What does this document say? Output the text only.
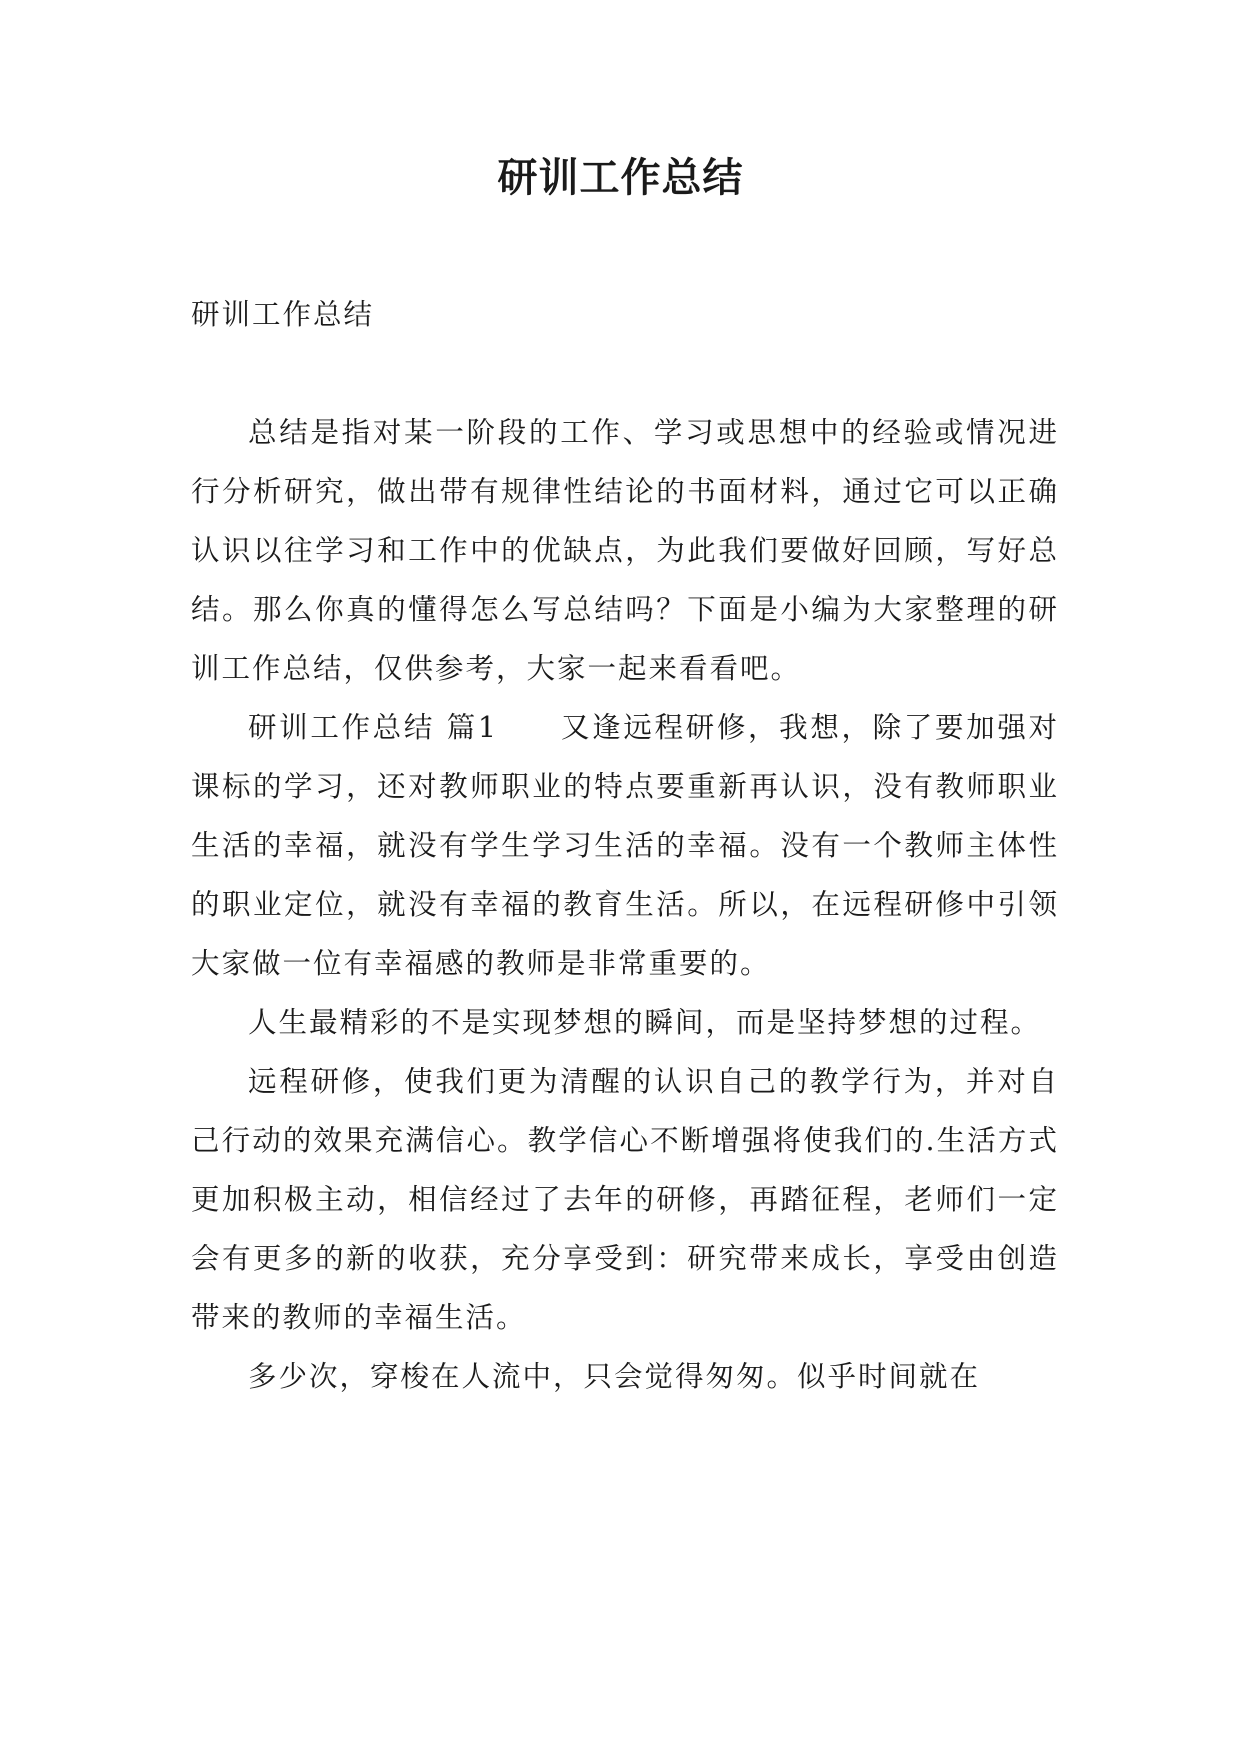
研训工作总结

研训工作总结

总结是指对某一阶段的工作、学习或思想中的经验或情况进行分析研究，做出带有规律性结论的书面材料，通过它可以正确认识以往学习和工作中的优缺点，为此我们要做好回顾，写好总结。那么你真的懂得怎么写总结吗？下面是小编为大家整理的研训工作总结，仅供参考，大家一起来看看吧。

研训工作总结 篇1　　又逢远程研修，我想，除了要加强对课标的学习，还对教师职业的特点要重新再认识，没有教师职业生活的幸福，就没有学生学习生活的幸福。没有一个教师主体性的职业定位，就没有幸福的教育生活。所以，在远程研修中引领大家做一位有幸福感的教师是非常重要的。

人生最精彩的不是实现梦想的瞬间，而是坚持梦想的过程。

远程研修，使我们更为清醒的认识自己的教学行为，并对自己行动的效果充满信心。教学信心不断增强将使我们的.生活方式更加积极主动，相信经过了去年的研修，再踏征程，老师们一定会有更多的新的收获，充分享受到：研究带来成长，享受由创造带来的教师的幸福生活。

多少次，穿梭在人流中，只会觉得匆匆。似乎时间就在
